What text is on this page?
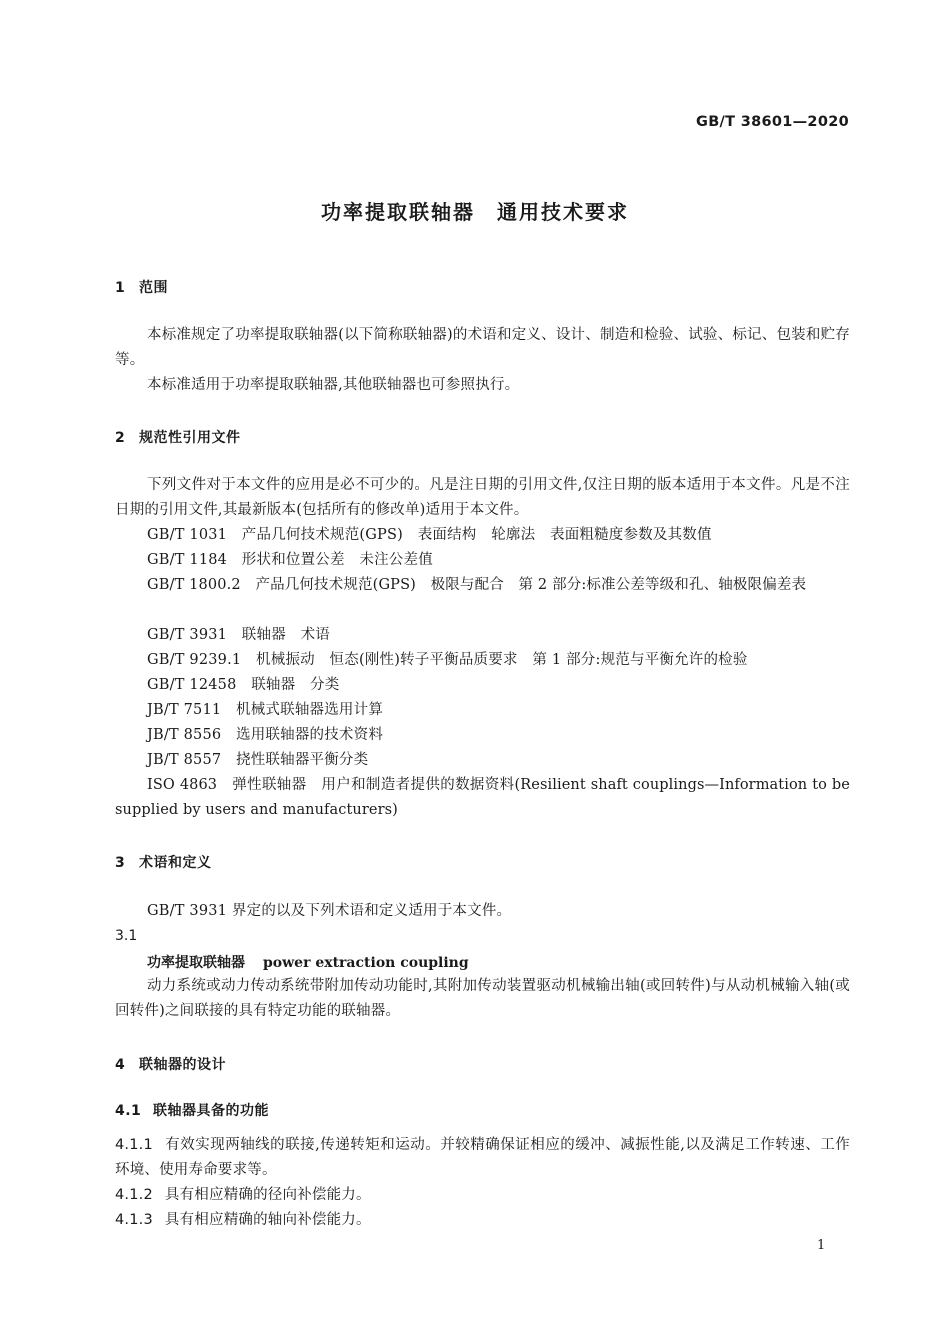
GB/T 38601—2020
功率提取联轴器　通用技术要求
1 范围
本标准规定了功率提取联轴器(以下简称联轴器)的术语和定义、设计、制造和检验、试验、标记、包装和贮存等。
本标准适用于功率提取联轴器,其他联轴器也可参照执行。
2 规范性引用文件
下列文件对于本文件的应用是必不可少的。凡是注日期的引用文件,仅注日期的版本适用于本文件。凡是不注日期的引用文件,其最新版本(包括所有的修改单)适用于本文件。
GB/T 1031　产品几何技术规范(GPS)　表面结构　轮廓法　表面粗糙度参数及其数值
GB/T 1184　形状和位置公差　未注公差值
GB/T 1800.2　产品几何技术规范(GPS)　极限与配合　第 2 部分:标准公差等级和孔、轴极限偏差表
GB/T 3931　联轴器　术语
GB/T 9239.1　机械振动　恒态(刚性)转子平衡品质要求　第 1 部分:规范与平衡允许的检验
GB/T 12458　联轴器　分类
JB/T 7511　机械式联轴器选用计算
JB/T 8556　选用联轴器的技术资料
JB/T 8557　挠性联轴器平衡分类
ISO 4863　弹性联轴器　用户和制造者提供的数据资料(Resilient shaft couplings—Information to be supplied by users and manufacturers)
3 术语和定义
GB/T 3931 界定的以及下列术语和定义适用于本文件。
3.1
功率提取联轴器 power extraction coupling
动力系统或动力传动系统带附加传动功能时,其附加传动装置驱动机械输出轴(或回转件)与从动机械输入轴(或回转件)之间联接的具有特定功能的联轴器。
4 联轴器的设计
4.1 联轴器具备的功能
4.1.1 有效实现两轴线的联接,传递转矩和运动。并较精确保证相应的缓冲、减振性能,以及满足工作转速、工作环境、使用寿命要求等。
4.1.2 具有相应精确的径向补偿能力。
4.1.3 具有相应精确的轴向补偿能力。
1
